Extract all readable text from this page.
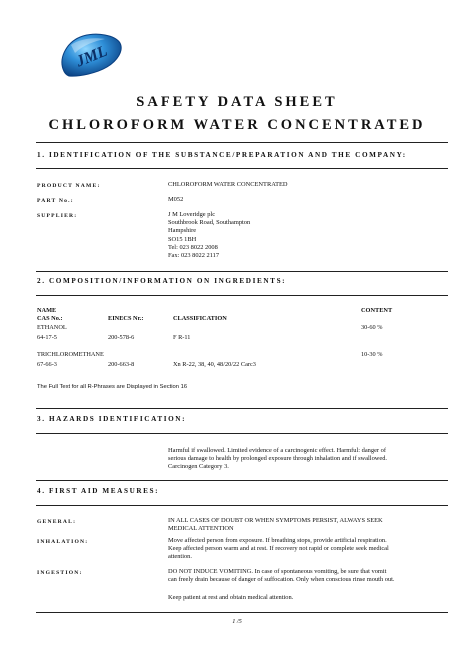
JML
SAFETY DATA SHEET
CHLOROFORM WATER CONCENTRATED
1. IDENTIFICATION OF THE SUBSTANCE/PREPARATION AND THE COMPANY:
PRODUCT NAME:	CHLOROFORM WATER CONCENTRATED
PART No.:	M052
SUPPLIER:	J M Loveridge plc
Southbrook Road, Southampton
Hampshire
SO15 1BH
Tel: 023 8022 2008
Fax: 023 8022 2117
2. COMPOSITION/INFORMATION ON INGREDIENTS:
NAME	CONTENT
CAS No.:	EINECS Nr.:	CLASSIFICATION
ETHANOL	30-60 %
64-17-5	200-578-6	F R-11
TRICHLOROMETHANE	10-30 %
67-66-3	200-663-8	Xn R-22, 38, 40, 48/20/22 Carc3
The Full Text for all R-Phrases are Displayed in Section 16
3. HAZARDS IDENTIFICATION:
Harmful if swallowed. Limited evidence of a carcinogenic effect. Harmful: danger of
serious damage to health by prolonged exposure through inhalation and if swallowed.
Carcinogen Category 3.
4. FIRST AID MEASURES:
GENERAL:	IN ALL CASES OF DOUBT OR WHEN SYMPTOMS PERSIST, ALWAYS SEEK
MEDICAL ATTENTION
INHALATION:	Move affected person from exposure. If breathing stops, provide artificial respiration.
Keep affected person warm and at rest. If recovery not rapid or complete seek medical
attention.
INGESTION:	DO NOT INDUCE VOMITING. In case of spontaneous vomiting, be sure that vomit
can freely drain because of danger of suffocation. Only when conscious rinse mouth out.
Keep patient at rest and obtain medical attention.
1 /5
